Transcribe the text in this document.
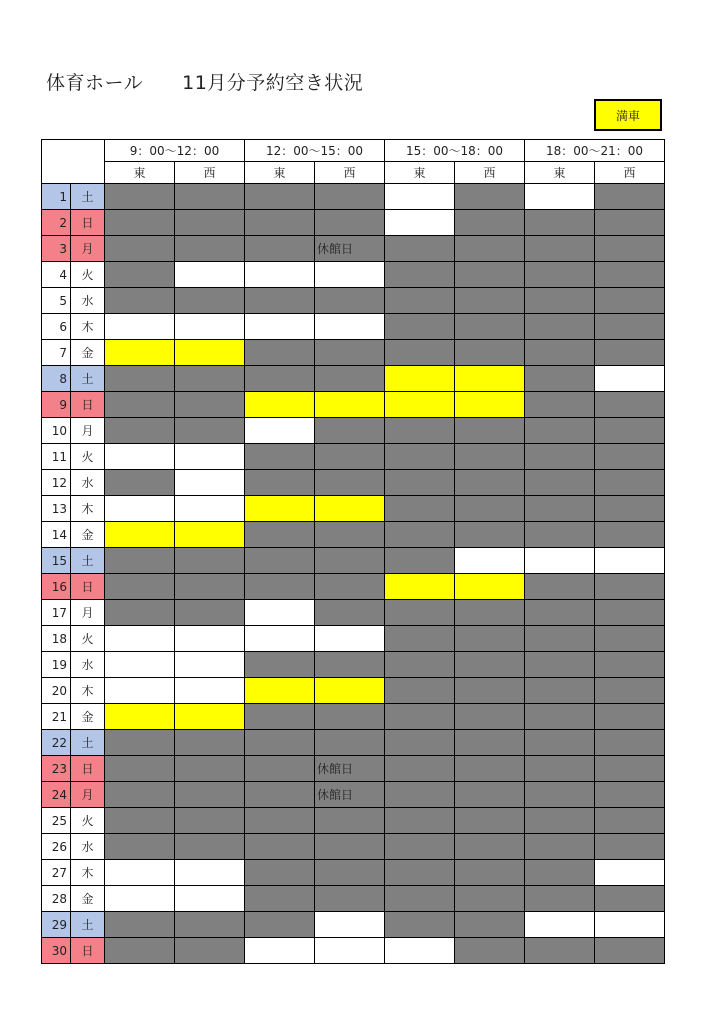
体育ホール　　11月分予約空き状況
満車
		9：00～12：00		12：00～15：00		15：00～18：00		18：00～21：00	
		東	西	東	西	東	西	東	西
1	土								
2	日								
3	月				休館日				
4	火								
5	水								
6	木								
7	金								
8	土								
9	日								
10	月								
11	火								
12	水								
13	木								
14	金								
15	土								
16	日								
17	月								
18	火								
19	水								
20	木								
21	金								
22	土								
23	日				休館日				
24	月				休館日				
25	火								
26	水								
27	木								
28	金								
29	土								
30	日								
